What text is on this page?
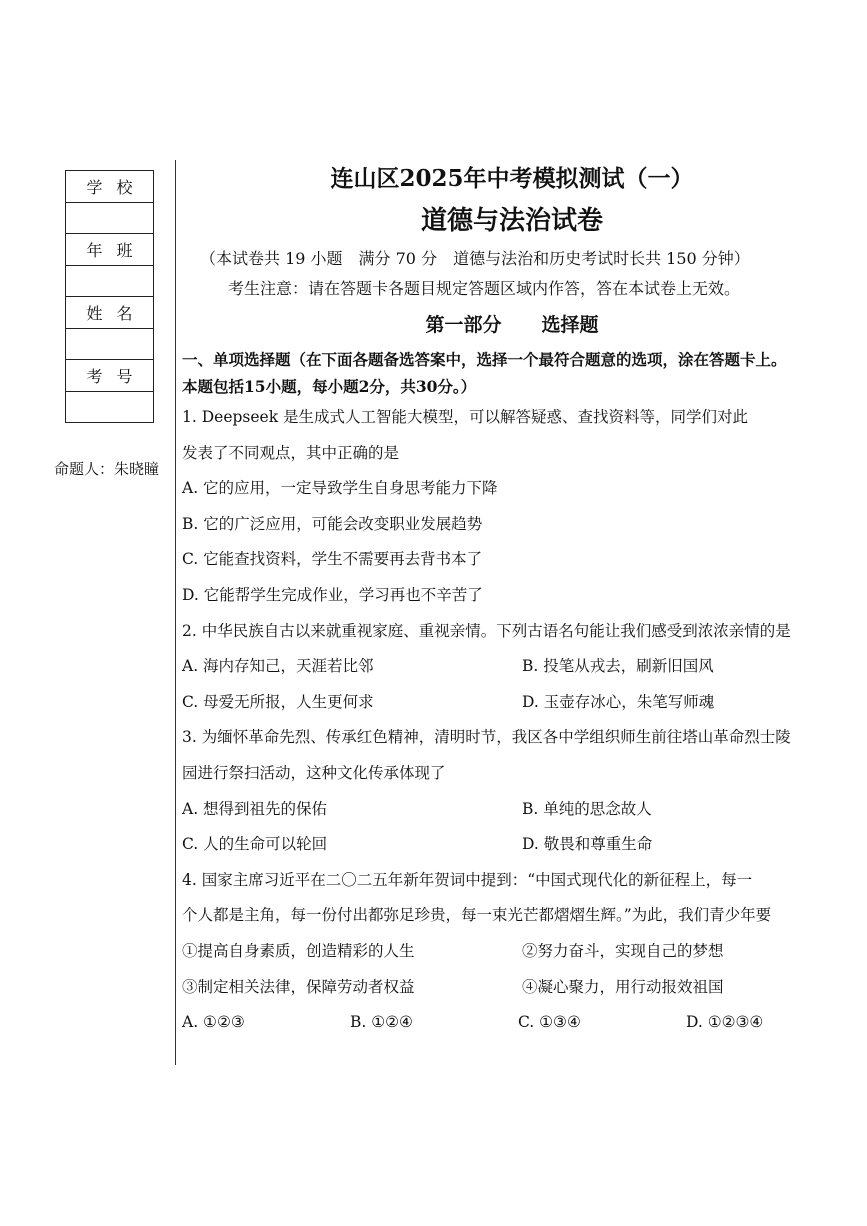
学校

年班

姓名

考号

命题人：朱晓瞳
连山区2025年中考模拟测试（一）
道德与法治试卷
（本试卷共 19 小题　满分 70 分　道德与法治和历史考试时长共 150 分钟）
考生注意：请在答题卡各题目规定答题区域内作答，答在本试卷上无效。
第一部分 选择题
一、单项选择题（在下面各题备选答案中，选择一个最符合题意的选项，涂在答题卡上。
本题包括15小题，每小题2分，共30分。）
1. Deepseek 是生成式人工智能大模型，可以解答疑惑、查找资料等，同学们对此
发表了不同观点，其中正确的是
A. 它的应用，一定导致学生自身思考能力下降
B. 它的广泛应用，可能会改变职业发展趋势
C. 它能查找资料，学生不需要再去背书本了
D. 它能帮学生完成作业，学习再也不辛苦了
2. 中华民族自古以来就重视家庭、重视亲情。下列古语名句能让我们感受到浓浓亲情的是
A. 海内存知己，天涯若比邻	B. 投笔从戎去，刷新旧国风
C. 母爱无所报，人生更何求	D. 玉壶存冰心，朱笔写师魂
3. 为缅怀革命先烈、传承红色精神，清明时节，我区各中学组织师生前往塔山革命烈士陵
园进行祭扫活动，这种文化传承体现了
A. 想得到祖先的保佑	B. 单纯的思念故人
C. 人的生命可以轮回	D. 敬畏和尊重生命
4. 国家主席习近平在二〇二五年新年贺词中提到：“中国式现代化的新征程上，每一
个人都是主角，每一份付出都弥足珍贵，每一束光芒都熠熠生辉。”为此，我们青少年要
①提高自身素质，创造精彩的人生	②努力奋斗，实现自己的梦想
③制定相关法律，保障劳动者权益	④凝心聚力，用行动报效祖国
A. ①②③	B. ①②④	C. ①③④	D. ①②③④
